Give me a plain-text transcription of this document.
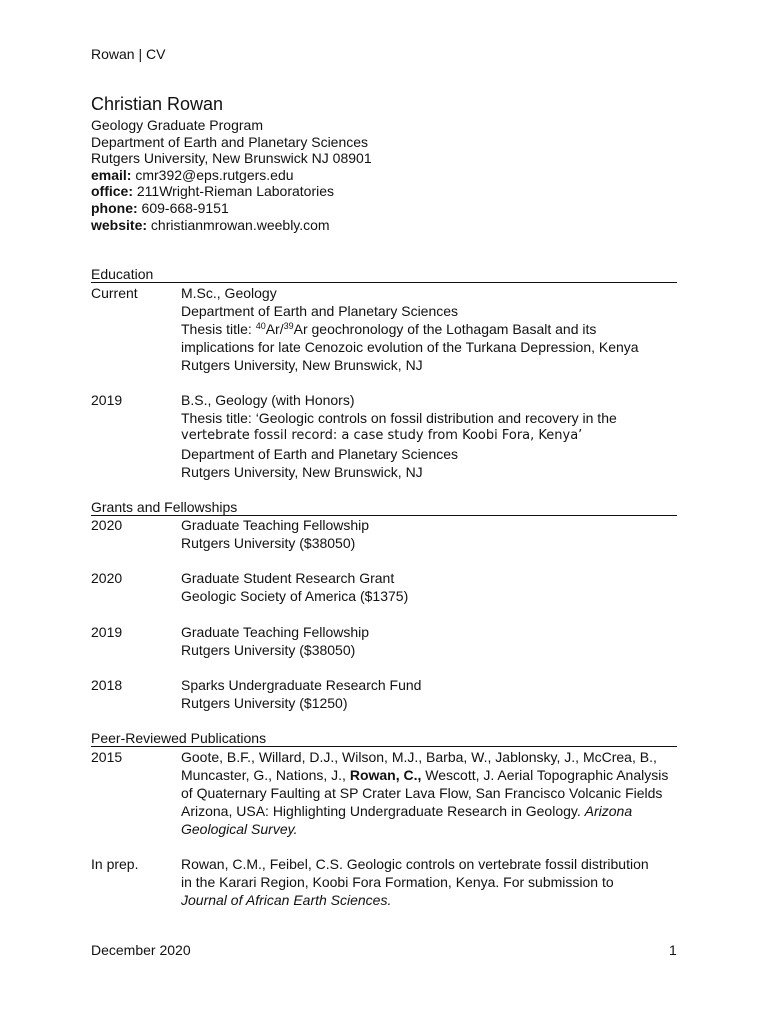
Rowan | CV
Christian Rowan
Geology Graduate Program
Department of Earth and Planetary Sciences
Rutgers University, New Brunswick NJ 08901
email: cmr392@eps.rutgers.edu
office: 211Wright-Rieman Laboratories
phone: 609-668-9151
website: christianmrowan.weebly.com
Education
Current	M.Sc., Geology
Department of Earth and Planetary Sciences
Thesis title: $^{40}$Ar/$^{39}$Ar geochronology of the Lothagam Basalt and its
implications for late Cenozoic evolution of the Turkana Depression, Kenya
Rutgers University, New Brunswick, NJ
2019	B.S., Geology (with Honors)
Thesis title: ‘Geologic controls on fossil distribution and recovery in the
vertebrate fossil record: a case study from Koobi Fora, Kenya’
Department of Earth and Planetary Sciences
Rutgers University, New Brunswick, NJ
Grants and Fellowships
2020	Graduate Teaching Fellowship
Rutgers University ($38050)
2020	Graduate Student Research Grant
Geologic Society of America ($1375)
2019	Graduate Teaching Fellowship
Rutgers University ($38050)
2018	Sparks Undergraduate Research Fund
Rutgers University ($1250)
Peer-Reviewed Publications
2015	Goote, B.F., Willard, D.J., Wilson, M.J., Barba, W., Jablonsky, J., McCrea, B., Muncaster, G., Nations, J., Rowan, C., Wescott, J. Aerial Topographic Analysis of Quaternary Faulting at SP Crater Lava Flow, San Francisco Volcanic Fields Arizona, USA: Highlighting Undergraduate Research in Geology. Arizona Geological Survey.
In prep.	Rowan, C.M., Feibel, C.S. Geologic controls on vertebrate fossil distribution in the Karari Region, Koobi Fora Formation, Kenya. For submission to Journal of African Earth Sciences.
December 2020	1
